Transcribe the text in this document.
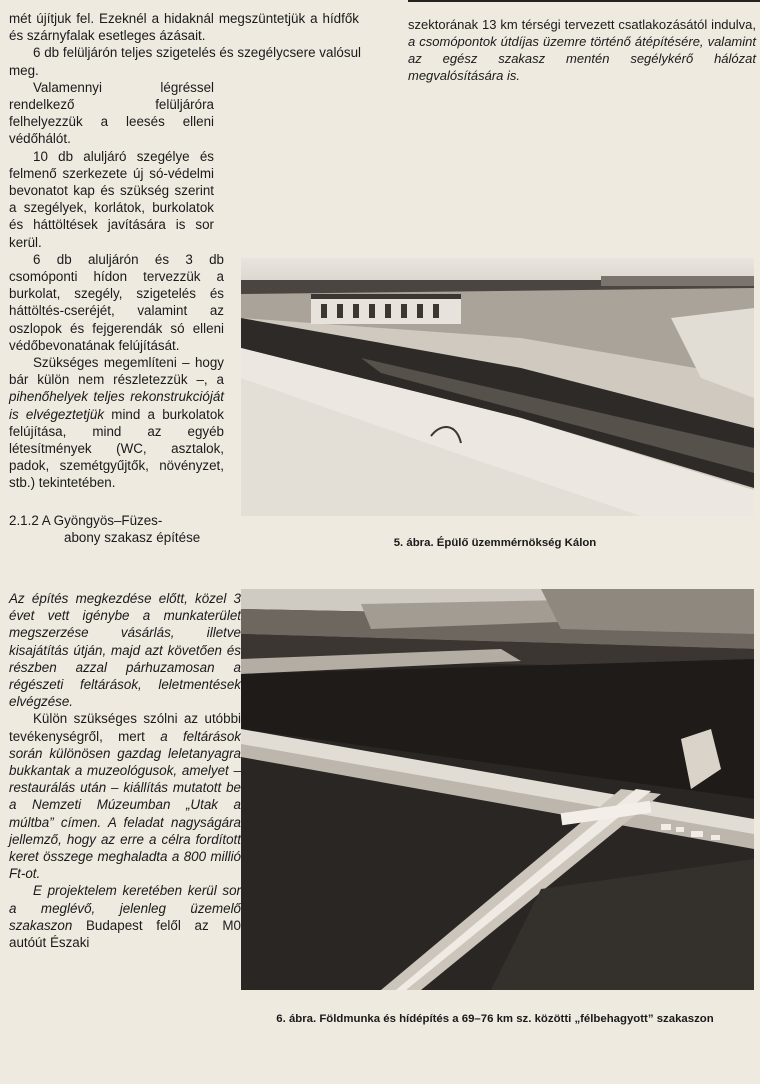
mét újítjuk fel. Ezeknél a hidaknál megszüntetjük a hídfők és szárnyfalak esetleges ázásait.

6 db felüljárón teljes szigetelés és szegélycsere valósul meg.

Valamennyi légréssel rendelkező felüljáróra felhelyezzük a leesés elleni védőhálót.

10 db aluljáró szegélye és felmenő szerkezete új só-védelmi bevonatot kap és szükség szerint a szegélyek, korlátok, burkolatok és háttöltések javítására is sor kerül.

6 db aluljárón és 3 db csomóponti hídon tervezzük a burkolat, szegély, szigetelés és háttöltés-cseréjét, valamint az oszlopok és fejgerendák só elleni védőbevonatának felújítását.

Szükséges megemlíteni – hogy bár külön nem részletezzük –, a pihenőhelyek teljes rekonstrukcióját is elvégeztetjük mind a burkolatok felújítása, mind az egyéb létesítmények (WC, asztalok, padok, szemétgyűjtők, növényzet, stb.) tekintetében.

2.1.2 A Gyöngyös–Füzes-
abony szakasz építése

Az építés megkezdése előtt, közel 3 évet vett igénybe a munkaterület megszerzése vásárlás, illetve kisajátítás útján, majd azt követően és részben azzal párhuzamosan a régészeti feltárások, leletmentések elvégzése.

Külön szükséges szólni az utóbbi tevékenységről, mert a feltárások során különösen gazdag leletanyagra bukkantak a muzeológusok, amelyet – restaurálás után – kiállítás mutatott be a Nemzeti Múzeumban „Utak a múltba” címen. A feladat nagyságára jellemző, hogy az erre a célra fordított keret összege meghaladta a 800 millió Ft-ot.

E projektelem keretében kerül sor a meglévő, jelenleg üzemelő szakaszon Budapest felől az M0 autóút Északi

szektorának 13 km térségi tervezett csatlakozásától indulva, a csomópontok útdíjas üzemre történő átépítésére, valamint az egész szakasz mentén segélykérő hálózat megvalósítására is.
5. ábra. Épülő üzemmérnökség Kálon
6. ábra. Földmunka és hídépítés a 69–76 km sz. közötti „félbehagyott” szakaszon
